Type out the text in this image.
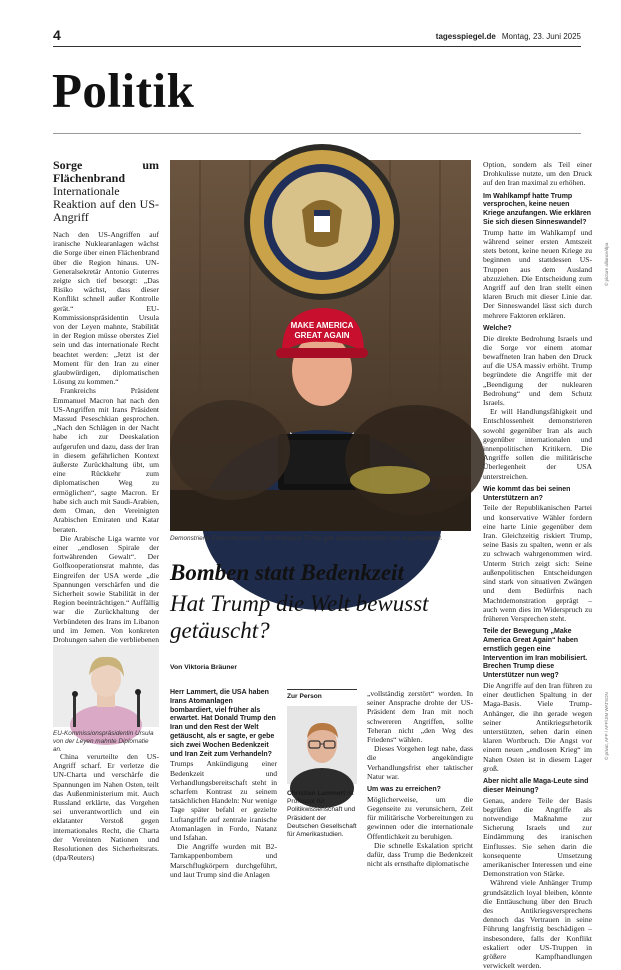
4	tagesspiegel.de Montag, 23. Juni 2025
Politik
Sorge um Flächenbrand
Internationale Reaktion auf den US-Angriff

Nach den US-Angriffen auf iranische Nuklearanlagen wächst die Sorge über einen Flächenbrand über die Region hinaus. UN-Generalsekretär Antonio Guterres zeigte sich tief besorgt: „Das Risiko wächst, dass dieser Konflikt schnell außer Kontrolle gerät.“ EU-Kommissionspräsidentin Ursula von der Leyen mahnte, Stabilität in der Region müsse oberstes Ziel sein und das internationale Recht beachtet werden: „Jetzt ist der Moment für den Iran zu einer glaubwürdigen, diplomatischen Lösung zu kommen.“

Frankreichs Präsident Emmanuel Macron hat nach den US-Angriffen mit Irans Präsident Massud Peseschkian gesprochen. „Nach den Schlägen in der Nacht habe ich zur Deeskalation aufgerufen und dazu, dass der Iran in diesem gefährlichen Kontext äußerste Zurückhaltung übt, um eine Rückkehr zum diplomatischen Weg zu ermöglichen“, sagte Macron. Er habe sich auch mit Saudi-Arabien, dem Oman, den Vereinigten Arabischen Emiraten und Katar beraten.

Die Arabische Liga warnte vor einer „endlosen Spirale der fortwährenden Gewalt“. Der Golfkooperationsrat mahnte, das Eingreifen der USA werde „die Spannungen verschärfen und die Sicherheit sowie Stabilität in der Region beeinträchtigen.“ Auffällig war die Zurückhaltung der Verbündeten des Irans im Libanon und im Jemen. Von konkreten Drohungen sahen die verbliebenen

EU-Kommissionspräsidentin Ursula von der Leyen mahnte Diplomatie an.

China verurteilte den US-Angriff scharf. Er verletze die UN-Charta und verschärfe die Spannungen im Nahen Osten, teilt das Außenministerium mit. Auch Russland erklärte, das Vorgehen sei unverantwortlich und ein eklatanter Verstoß gegen internationales Recht, die Charta der Vereinten Nationen und Resolutionen des Sicherheitsrats. (dpa/Reuters)

MAKE AMERICA
GREAT AGAIN
Demonstrierte Entschlossenheit: US-Präsident Trump gab überraschend früh den Angriffsbefehl.
Bomben statt Bedenkzeit
Hat Trump die Welt bewusst getäuscht?
Von Viktoria Bräuner

Herr Lammert, die USA haben Irans Atomanlagen bombardiert, viel früher als erwartet. Hat Donald Trump den Iran und den Rest der Welt getäuscht, als er sagte, er gebe sich zwei Wochen Bedenkzeit und Iran Zeit zum Verhandeln?

Trumps Ankündigung einer Bedenkzeit und Verhandlungsbereitschaft steht in scharfem Kontrast zu seinem tatsächlichen Handeln: Nur wenige Tage später befahl er gezielte Luftangriffe auf zentrale iranische Atomanlagen in Fordo, Natanz und Isfahan.

Die Angriffe wurden mit B2-Tarnkappenbombern und Marschflugkörpern durchgeführt, und laut Trump sind die Anlagen

Zur Person
Christian Lammert ist Professor für Politikwissenschaft und Präsident der Deutschen Gesellschaft für Amerikastudien.

„vollständig zerstört“ worden. In seiner Ansprache drohte der US-Präsident dem Iran mit noch schwereren Angriffen, sollte Teheran nicht „den Weg des Friedens“ wählen.

Dieses Vorgehen legt nahe, dass die angekündigte Verhandlungsfrist eher taktischer Natur war.

Um was zu erreichen?

Möglicherweise, um die Gegenseite zu verunsichern, Zeit für militärische Vorbereitungen zu gewinnen oder die internationale Öffentlichkeit zu beruhigen.

Die schnelle Eskalation spricht dafür, dass Trump die Bedenkzeit nicht als ernsthafte diplomatische

Option, sondern als Teil einer Drohkulisse nutzte, um den Druck auf den Iran maximal zu erhöhen.

Im Wahlkampf hatte Trump versprochen, keine neuen Kriege anzufangen. Wie erklären Sie sich diesen Sinneswandel?

Trump hatte im Wahlkampf und während seiner ersten Amtszeit stets betont, keine neuen Kriege zu beginnen und stattdessen US-Truppen aus dem Ausland abzuziehen. Die Entscheidung zum Angriff auf den Iran stellt einen klaren Bruch mit dieser Linie dar. Der Sinneswandel lässt sich durch mehrere Faktoren erklären.

Welche?

Die direkte Bedrohung Israels und die Sorge vor einem atomar bewaffneten Iran haben den Druck auf die USA massiv erhöht. Trump begründete die Angriffe mit der „Beendigung der nuklearen Bedrohung“ und dem Schutz Israels.

Er will Handlungsfähigkeit und Entschlossenheit demonstrieren sowohl gegenüber Iran als auch gegenüber internationalen und innenpolitischen Kritikern. Die Angriffe sollen die militärische Überlegenheit der USA unterstreichen.

Wie kommt das bei seinen Unterstützern an?

Teile der Republikanischen Partei und konservative Wähler fordern eine harte Linie gegenüber dem Iran. Gleichzeitig riskiert Trump, seine Basis zu spalten, wenn er als zu schwach wahrgenommen wird. Unterm Strich zeigt sich: Seine außenpolitischen Entscheidungen sind stark von situativen Zwängen und dem Bedürfnis nach Machtdemonstration geprägt – auch wenn dies im Widerspruch zu früheren Versprechen steht.

Teile der Bewegung „Make America Great Again“ haben ernstlich gegen eine Intervention im Iran mobilisiert. Brechen Trump diese Unterstützer nun weg?

Die Angriffe auf den Iran führen zu einer deutlichen Spaltung in der Maga-Basis. Viele Trump-Anhänger, die ihn gerade wegen seiner Antikriegsrhetorik unterstützten, sehen darin einen klaren Wortbruch. Die Angst vor einem neuen „endlosen Krieg“ im Nahen Osten ist in diesem Lager groß.

Aber nicht alle Maga-Leute sind dieser Meinung?

Genau, andere Teile der Basis begrüßen die Angriffe als notwendige Maßnahme zur Sicherung Israels und zur Eindämmung des iranischen Einflusses. Sie sehen darin die konsequente Umsetzung amerikanischer Interessen und eine Demonstration von Stärke.

Während viele Anhänger Trump grundsätzlich loyal bleiben, könnte die Enttäuschung über den Bruch des Antikriegsversprechens dennoch das Vertrauen in seine Führung langfristig beschädigen – insbesondere, falls der Konflikt eskaliert oder US-Truppen in größere Kampfhandlungen verwickelt werden.

© picture alliance/dpa
© privat, AFP / AFP/JIM WATSON
